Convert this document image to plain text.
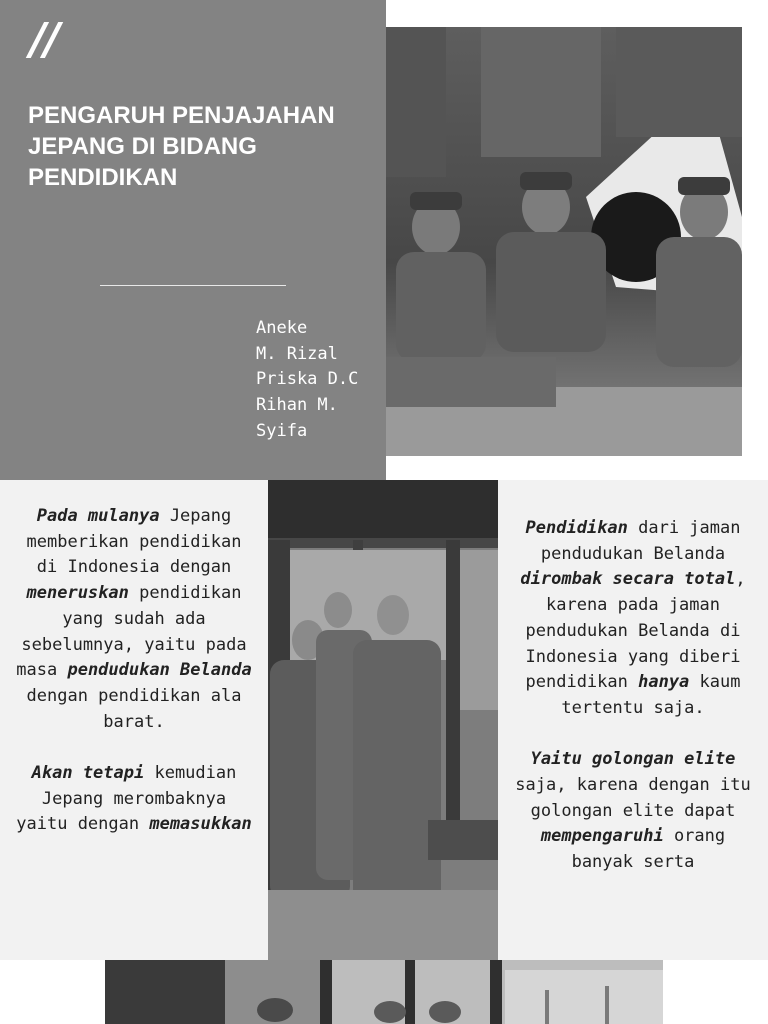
//
PENGARUH PENJAJAHAN JEPANG DI BIDANG PENDIDIKAN
Aneke
M. Rizal
Priska D.C
Rihan M.
Syifa

Pada mulanya Jepang memberikan pendidikan di Indonesia dengan meneruskan pendidikan yang sudah ada sebelumnya, yaitu pada masa pendudukan Belanda dengan pendidikan ala barat.

Akan tetapi kemudian Jepang merombaknya yaitu dengan memasukkan

Pendidikan dari jaman pendudukan Belanda dirombak secara total, karena pada jaman pendudukan Belanda di Indonesia yang diberi pendidikan hanya kaum tertentu saja.

Yaitu golongan elite saja, karena dengan itu golongan elite dapat mempengaruhi orang banyak serta
